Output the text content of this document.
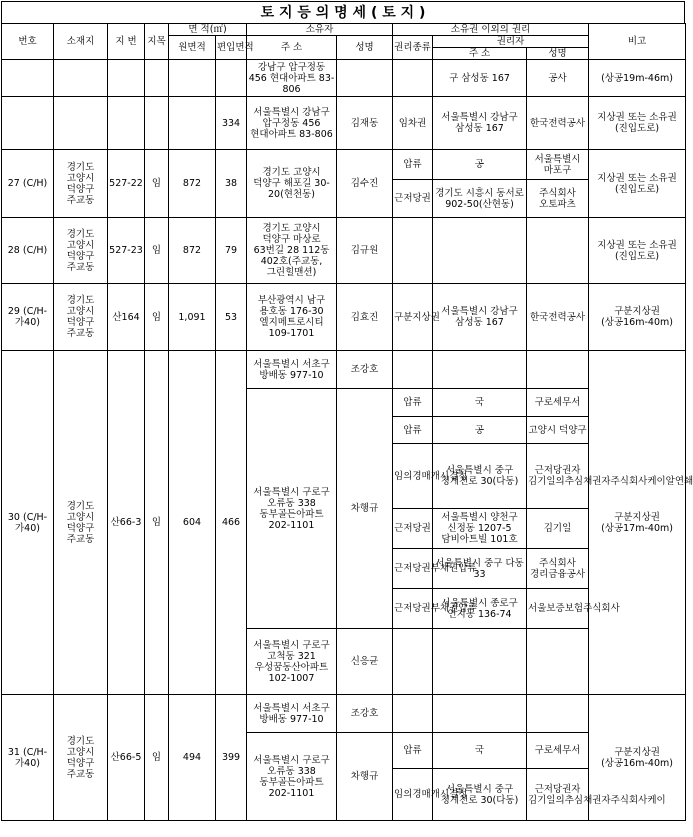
토 지 등 의 명 세 ( 토 지 )
번호	소재지	지 번	지목	면 적(㎡)		소유자		소유권 이외의 권리			비고
				원면적	편입면적	주 소	성명	권리종류	권리자		
									주 소	성명	
						강남구 압구정동 456 현대아파트 83-806			구 삼성동 167	공사	(상공19m-46m)
					334	서울특별시 강남구 압구정동 456 현대아파트 83-806	김재동	임차권	서울특별시 강남구 삼성동 167	한국전력공사	지상권 또는 소유권 (진입도로)
27 (C/H)	경기도 고양시 덕양구 주교동	527-22	임	872	38	경기도 고양시 덕양구 해포길 30-20(현천동)	김수진	압류	공	서울특별시 마포구	지상권 또는 소유권 (진입도로)
								근저당권	경기도 시흥시 동서로 902-50(산현동)	주식회사 오토파츠	
28 (C/H)	경기도 고양시 덕양구 주교동	527-23	임	872	79	경기도 고양시 덕양구 마상로 63번길 28 112동 402호(주교동,그린힐맨션)	김규원				지상권 또는 소유권 (진입도로)
29 (C/H-가40)	경기도 고양시 덕양구 주교동	산164	임	1,091	53	부산광역시 남구 용호동 176-30 엘지메트로시티 109-1701	김효진	구분지상권	서울특별시 강남구 삼성동 167	한국전력공사	구분지상권 (상공16m-40m)
30 (C/H-가40)	경기도 고양시 덕양구 주교동	산66-3	임	604	466	서울특별시 서초구 방배동 977-10	조강호				구분지상권 (상공17m-40m)
						서울특별시 구로구 오류동 338 동부골든아파트 202-1101	차행규	압류	국	구로세무서	
								압류	공	고양시 덕양구	
								임의경매개시결정	서울특별시 중구 청계천로 30(다동)	근저당권자 김기일의추심채권자주식회사케이알연쇄	
								근저당권	서울특별시 양천구 신정동 1207-5 담비아트빌 101호	김기일	
								근저당권부채권압류	서울특별시 중구 다동 33	주식회사 경리금융공사	
								근저당권부채권압류	서울특별시 종로구 연지동 136-74	서울보증보험주식회사	
						서울특별시 구로구 고척동 321 우성꿈동산아파트 102-1007	신응균				

31 (C/H-가40)	경기도 고양시 덕양구 주교동	산66-5	임	494	399	서울특별시 서초구 방배동 977-10	조강호				구분지상권 (상공16m-40m)
						서울특별시 구로구 오류동 338 동부골든아파트 202-1101	차행규	압류	국	구로세무서	
								임의경매개시결정	서울특별시 중구 청계천로 30(다동)	근저당권자 김기일의추심채권자주식회사케이	
